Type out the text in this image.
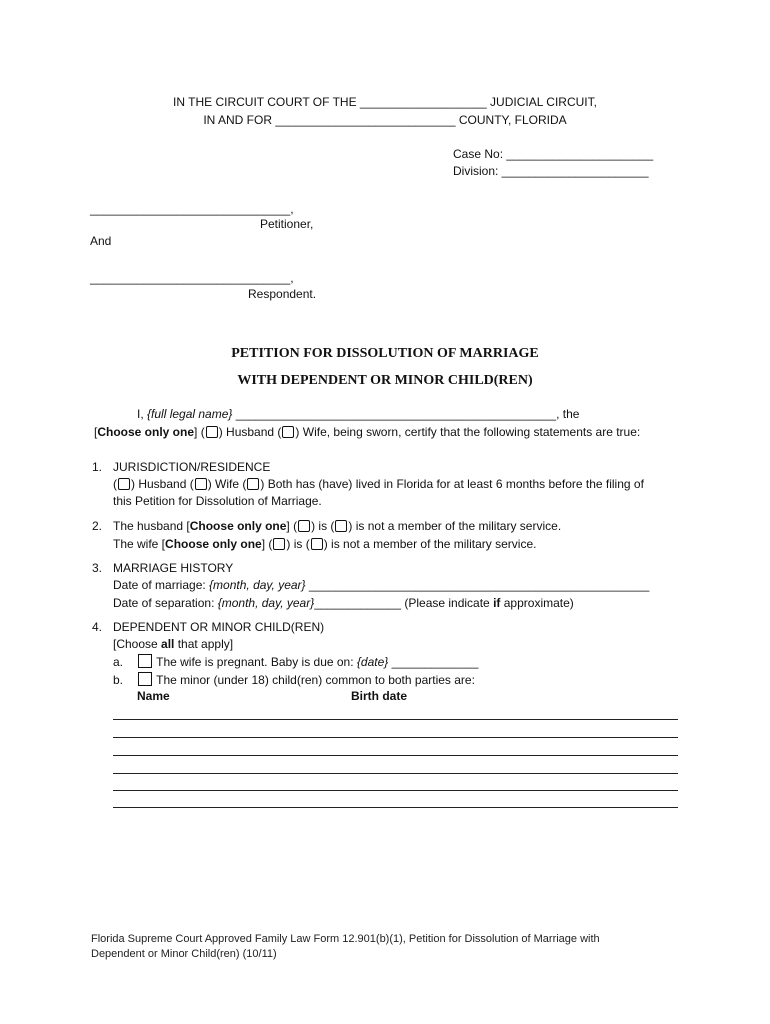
IN THE CIRCUIT COURT OF THE ___________________ JUDICIAL CIRCUIT,
IN AND FOR ___________________________ COUNTY, FLORIDA
Case No: ______________________
Division: ______________________
______________________________,
Petitioner,
And
______________________________,
Respondent.
PETITION FOR DISSOLUTION OF MARRIAGE
WITH DEPENDENT OR MINOR CHILD(REN)
I, {full legal name} ________________________________________________, the
[Choose only one] ( ) Husband ( ) Wife, being sworn, certify that the following statements are true:
1. JURISDICTION/RESIDENCE
( ) Husband ( ) Wife ( ) Both has (have) lived in Florida for at least 6 months before the filing of
this Petition for Dissolution of Marriage.
2. The husband [Choose only one] ( ) is ( ) is not a member of the military service.
The wife [Choose only one] ( ) is ( ) is not a member of the military service.
3. MARRIAGE HISTORY
Date of marriage: {month, day, year} ___________________________________________________
Date of separation: {month, day, year}_____________ (Please indicate if approximate)
4. DEPENDENT OR MINOR CHILD(REN)
[Choose all that apply]
a. The wife is pregnant. Baby is due on: {date} _____________
b. The minor (under 18) child(ren) common to both parties are:
Name	Birth date
Florida Supreme Court Approved Family Law Form 12.901(b)(1), Petition for Dissolution of Marriage with
Dependent or Minor Child(ren) (10/11)
